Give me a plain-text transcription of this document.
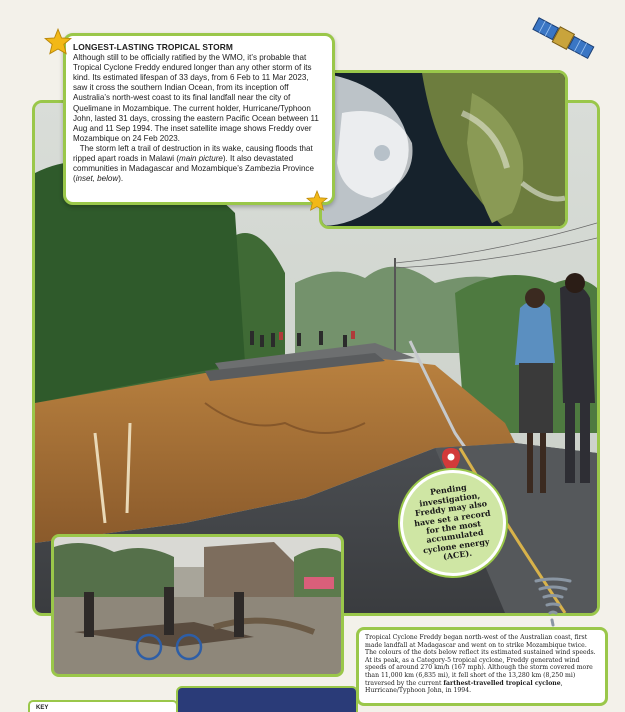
LONGEST-LASTING TROPICAL STORM

Although still to be officially ratified by the WMO, it’s probable that Tropical Cyclone Freddy endured longer than any other storm of its kind. Its estimated lifespan of 33 days, from 6 Feb to 11 Mar 2023, saw it cross the southern Indian Ocean, from its inception off Australia’s north-west coast to its final landfall near the city of Quelimane in Mozambique. The current holder, Hurricane/Typhoon John, lasted 31 days, crossing the eastern Pacific Ocean between 11 Aug and 11 Sep 1994. The inset satellite image shows Freddy over Mozambique on 24 Feb 2023.

The storm left a trail of destruction in its wake, causing floods that ripped apart roads in Malawi (main picture). It also devastated communities in Madagascar and Mozambique’s Zambezia Province (inset, below).

Pending investigation, Freddy may also have set a record for the most accumulated cyclone energy (ACE).
Tropical Cyclone Freddy began north-west of the Australian coast, first made landfall at Madagascar and went on to strike Mozambique twice. The colours of the dots below reflect its estimated sustained wind speeds. At its peak, as a Category-5 tropical cyclone, Freddy generated wind speeds of around 270 km/h (167 mph). Although the storm covered more than 11,000 km (6,835 mi), it fell short of the 13,280 km (8,250 mi) traversed by the current farthest-travelled tropical cyclone, Hurricane/Typhoon John, in 1994.
KEY
